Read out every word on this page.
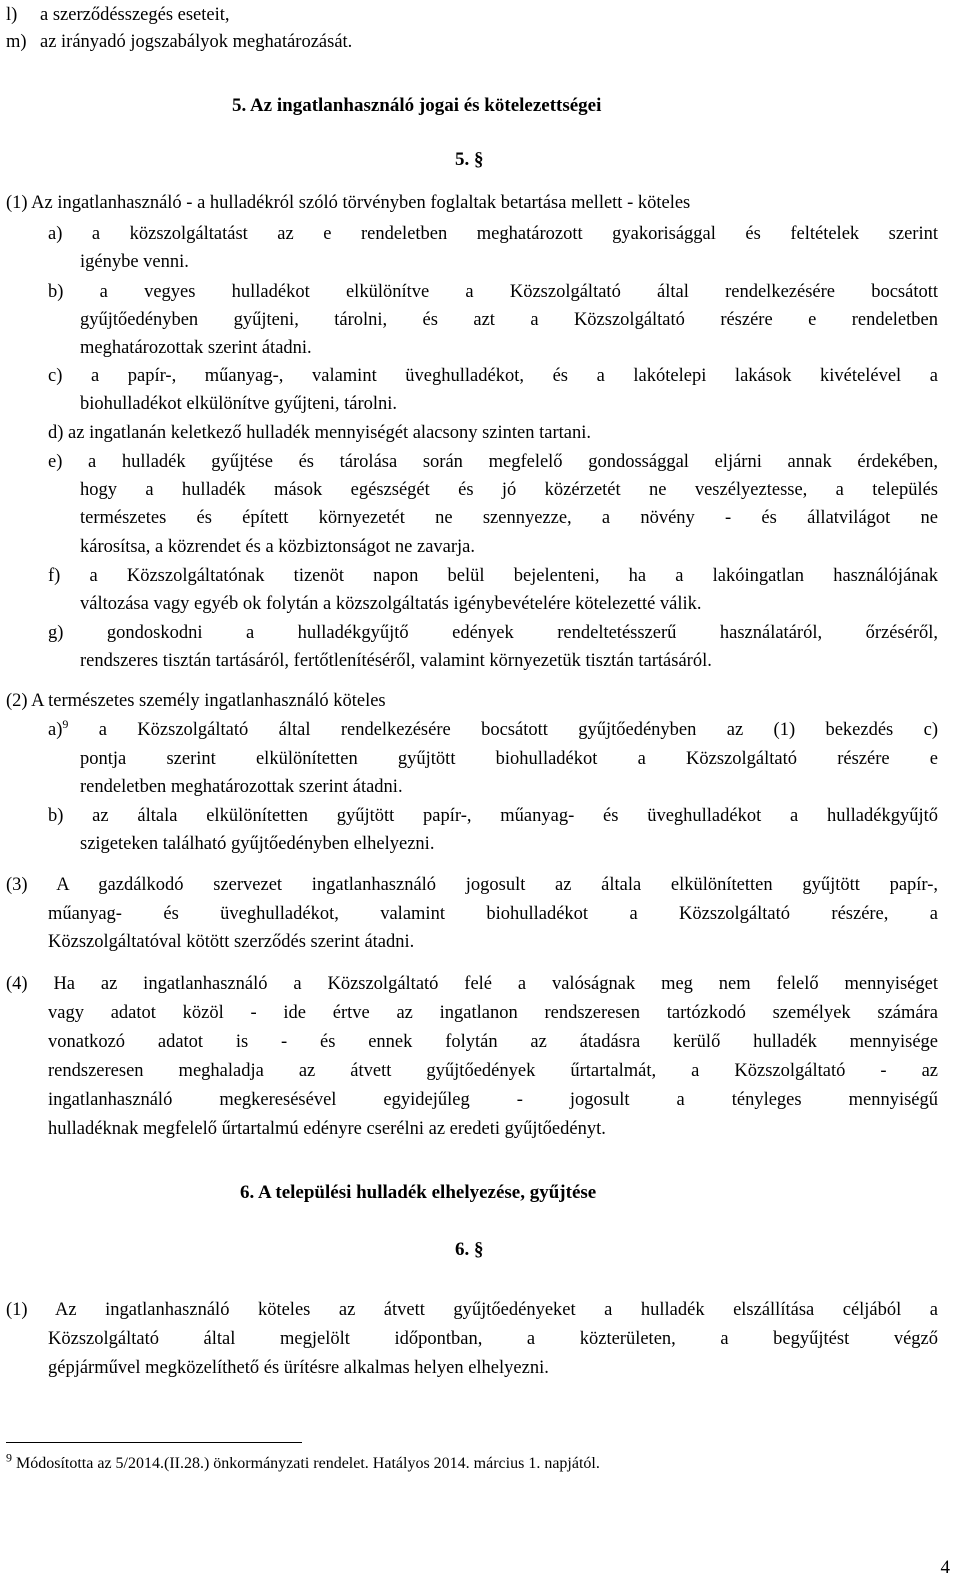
l) a szerződésszegés eseteit,
m) az irányadó jogszabályok meghatározását.
5. Az ingatlanhasználó jogai és kötelezettségei
5. §
(1) Az ingatlanhasználó - a hulladékról szóló törvényben foglaltak betartása mellett - köteles
a) a közszolgáltatást az e rendeletben meghatározott gyakorisággal és feltételek szerint
igénybe venni.
b) a vegyes hulladékot elkülönítve a Közszolgáltató által rendelkezésére bocsátott
gyűjtőedényben gyűjteni, tárolni, és azt a Közszolgáltató részére e rendeletben
meghatározottak szerint átadni.
c) a papír-, műanyag-, valamint üveghulladékot, és a lakótelepi lakások kivételével a
biohulladékot elkülönítve gyűjteni, tárolni.
d) az ingatlanán keletkező hulladék mennyiségét alacsony szinten tartani.
e) a hulladék gyűjtése és tárolása során megfelelő gondossággal eljárni annak érdekében,
hogy a hulladék mások egészségét és jó közérzetét ne veszélyeztesse, a település
természetes és épített környezetét ne szennyezze, a növény - és állatvilágot ne
károsítsa, a közrendet és a közbiztonságot ne zavarja.
f) a Közszolgáltatónak tizenöt napon belül bejelenteni, ha a lakóingatlan használójának
változása vagy egyéb ok folytán a közszolgáltatás igénybevételére kötelezetté válik.
g) gondoskodni a hulladékgyűjtő edények rendeltetésszerű használatáról, őrzéséről,
rendszeres tisztán tartásáról, fertőtlenítéséről, valamint környezetük tisztán tartásáról.
(2) A természetes személy ingatlanhasználó köteles
a)$^9$ a Közszolgáltató által rendelkezésére bocsátott gyűjtőedényben az (1) bekezdés c)
pontja szerint elkülönítetten gyűjtött biohulladékot a Közszolgáltató részére e
rendeletben meghatározottak szerint átadni.
b) az általa elkülönítetten gyűjtött papír-, műanyag- és üveghulladékot a hulladékgyűjtő
szigeteken található gyűjtőedényben elhelyezni.
(3) A gazdálkodó szervezet ingatlanhasználó jogosult az általa elkülönítetten gyűjtött papír-,
műanyag- és üveghulladékot, valamint biohulladékot a Közszolgáltató részére, a
Közszolgáltatóval kötött szerződés szerint átadni.
(4) Ha az ingatlanhasználó a Közszolgáltató felé a valóságnak meg nem felelő mennyiséget
vagy adatot közöl - ide értve az ingatlanon rendszeresen tartózkodó személyek számára
vonatkozó adatot is - és ennek folytán az átadásra kerülő hulladék mennyisége
rendszeresen meghaladja az átvett gyűjtőedények űrtartalmát, a Közszolgáltató - az
ingatlanhasználó megkeresésével egyidejűleg - jogosult a tényleges mennyiségű
hulladéknak megfelelő űrtartalmú edényre cserélni az eredeti gyűjtőedényt.
6. A települési hulladék elhelyezése, gyűjtése
6. §
(1) Az ingatlanhasználó köteles az átvett gyűjtőedényeket a hulladék elszállítása céljából a
Közszolgáltató által megjelölt időpontban, a közterületen, a begyűjtést végző
gépjárművel megközelíthető és ürítésre alkalmas helyen elhelyezni.
$^9$ Módosította az 5/2014.(II.28.) önkormányzati rendelet. Hatályos 2014. március 1. napjától.
4
